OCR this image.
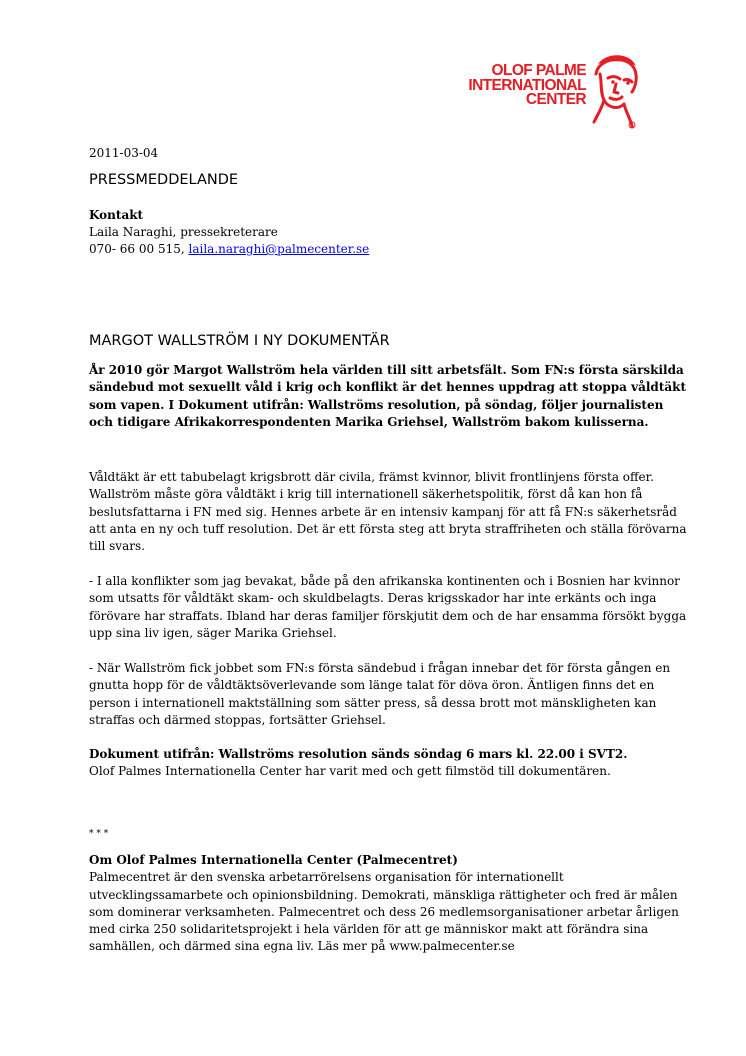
OLOF PALME
INTERNATIONAL
CENTER
2011-03-04
PRESSMEDDELANDE
Kontakt
Laila Naraghi, pressekreterare
070- 66 00 515, laila.naraghi@palmecenter.se
MARGOT WALLSTRÖM I NY DOKUMENTÄR

År 2010 gör Margot Wallström hela världen till sitt arbetsfält. Som FN:s första särskilda sändebud mot sexuellt våld i krig och konflikt är det hennes uppdrag att stoppa våldtäkt som vapen. I Dokument utifrån: Wallströms resolution, på söndag, följer journalisten och tidigare Afrikakorrespondenten Marika Griehsel, Wallström bakom kulisserna.

Våldtäkt är ett tabubelagt krigsbrott där civila, främst kvinnor, blivit frontlinjens första offer. Wallström måste göra våldtäkt i krig till internationell säkerhetspolitik, först då kan hon få beslutsfattarna i FN med sig. Hennes arbete är en intensiv kampanj för att få FN:s säkerhetsråd att anta en ny och tuff resolution. Det är ett första steg att bryta straffriheten och ställa förövarna till svars.

- I alla konflikter som jag bevakat, både på den afrikanska kontinenten och i Bosnien har kvinnor som utsatts för våldtäkt skam- och skuldbelagts. Deras krigsskador har inte erkänts och inga förövare har straffats. Ibland har deras familjer förskjutit dem och de har ensamma försökt bygga upp sina liv igen, säger Marika Griehsel.

- När Wallström fick jobbet som FN:s första sändebud i frågan innebar det för första gången en gnutta hopp för de våldtäktsöverlevande som länge talat för döva öron. Äntligen finns det en person i internationell maktställning som sätter press, så dessa brott mot mänskligheten kan straffas och därmed stoppas, fortsätter Griehsel.

Dokument utifrån: Wallströms resolution sänds söndag 6 mars kl. 22.00 i SVT2.
Olof Palmes Internationella Center har varit med och gett filmstöd till dokumentären.
* * *
Om Olof Palmes Internationella Center (Palmecentret)
Palmecentret är den svenska arbetarrörelsens organisation för internationellt utvecklingssamarbete och opinionsbildning. Demokrati, mänskliga rättigheter och fred är målen som dominerar verksamheten. Palmecentret och dess 26 medlemsorganisationer arbetar årligen med cirka 250 solidaritetsprojekt i hela världen för att ge människor makt att förändra sina samhällen, och därmed sina egna liv. Läs mer på www.palmecenter.se
